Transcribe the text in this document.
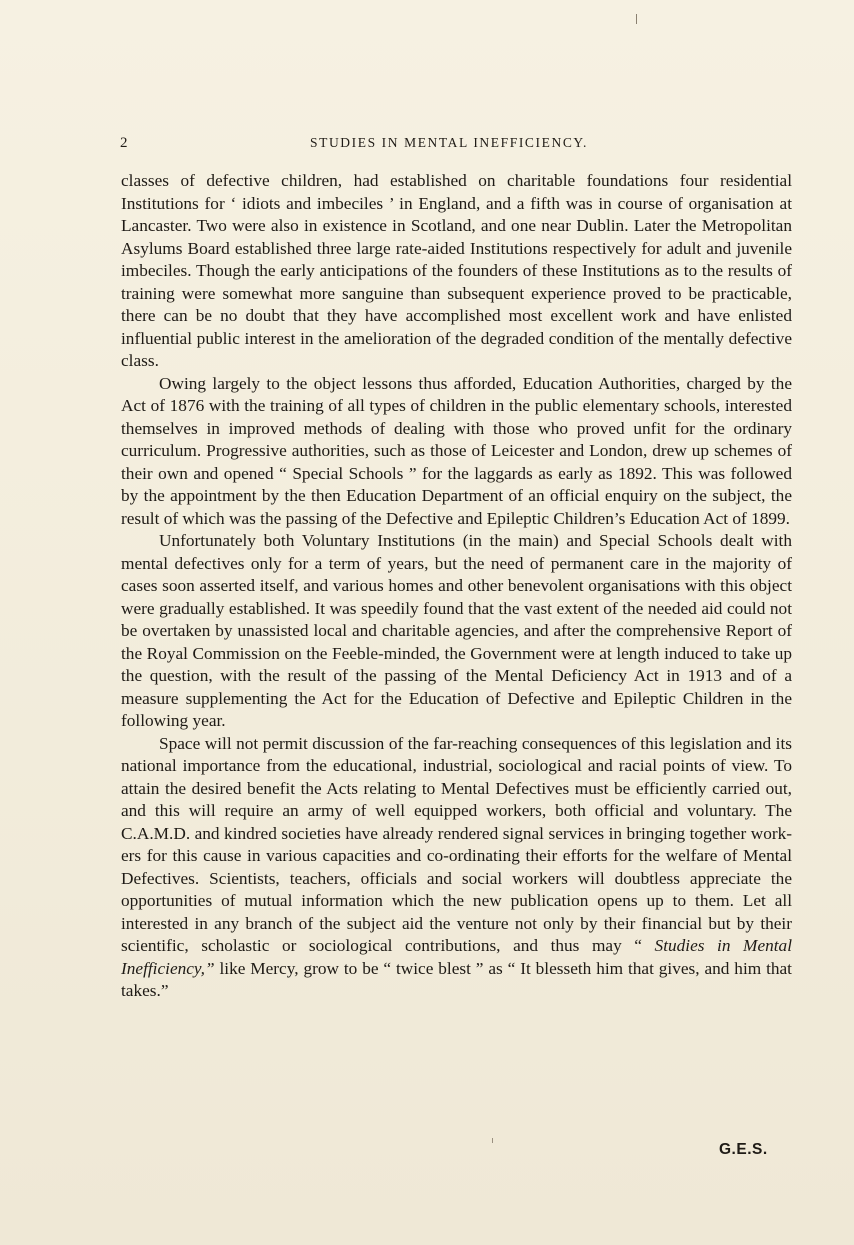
2	STUDIES IN MENTAL INEFFICIENCY.

classes of defective children, had established on charitable foundations four residential Institutions for ‘ idiots and imbeciles ’ in England, and a fifth was in course of organisation at Lancaster. Two were also in existence in Scotland, and one near Dublin. Later the Metropolitan Asylums Board established three large rate-aided Institutions respectively for adult and juvenile imbeciles. Though the early anticipations of the founders of these Institutions as to the results of training were somewhat more sanguine than subsequent experience proved to be practicable, there can be no doubt that they have accomplished most excellent work and have enlisted influential public interest in the amelioration of the degraded condition of the mentally defective class.

Owing largely to the object lessons thus afforded, Education Authorities, charged by the Act of 1876 with the training of all types of children in the public elementary schools, interested themselves in improved methods of dealing with those who proved unfit for the ordinary curriculum. Progressive authorities, such as those of Leicester and London, drew up schemes of their own and opened “ Special Schools ” for the laggards as early as 1892. This was followed by the appointment by the then Education Department of an official enquiry on the subject, the result of which was the passing of the Defective and Epileptic Children’s Education Act of 1899.

Unfortunately both Voluntary Institutions (in the main) and Special Schools dealt with mental defectives only for a term of years, but the need of permanent care in the majority of cases soon asserted itself, and various homes and other benevolent organisations with this object were gradually established. It was speedily found that the vast extent of the needed aid could not be overtaken by unassisted local and charitable agencies, and after the comprehensive Report of the Royal Commission on the Feeble-minded, the Government were at length induced to take up the question, with the result of the passing of the Mental Deficiency Act in 1913 and of a measure supplementing the Act for the Education of Defective and Epileptic Children in the following year.

Space will not permit discussion of the far-reaching consequences of this legislation and its national importance from the educational, industrial, sociological and racial points of view. To attain the desired benefit the Acts relating to Mental Defectives must be efficiently carried out, and this will require an army of well equipped workers, both official and voluntary. The C.A.M.D. and kindred societies have already rendered signal services in bringing together workers for this cause in various capacities and co-ordinating their efforts for the welfare of Mental Defectives. Scientists, teachers, officials and social workers will doubtless appreciate the opportunities of mutual information which the new publication opens up to them. Let all interested in any branch of the subject aid the venture not only by their financial but by their scientific, scholastic or sociological contributions, and thus may “ Studies in Mental Inefficiency,” like Mercy, grow to be “ twice blest ” as “ It blesseth him that gives, and him that takes.”

G.E.S.
